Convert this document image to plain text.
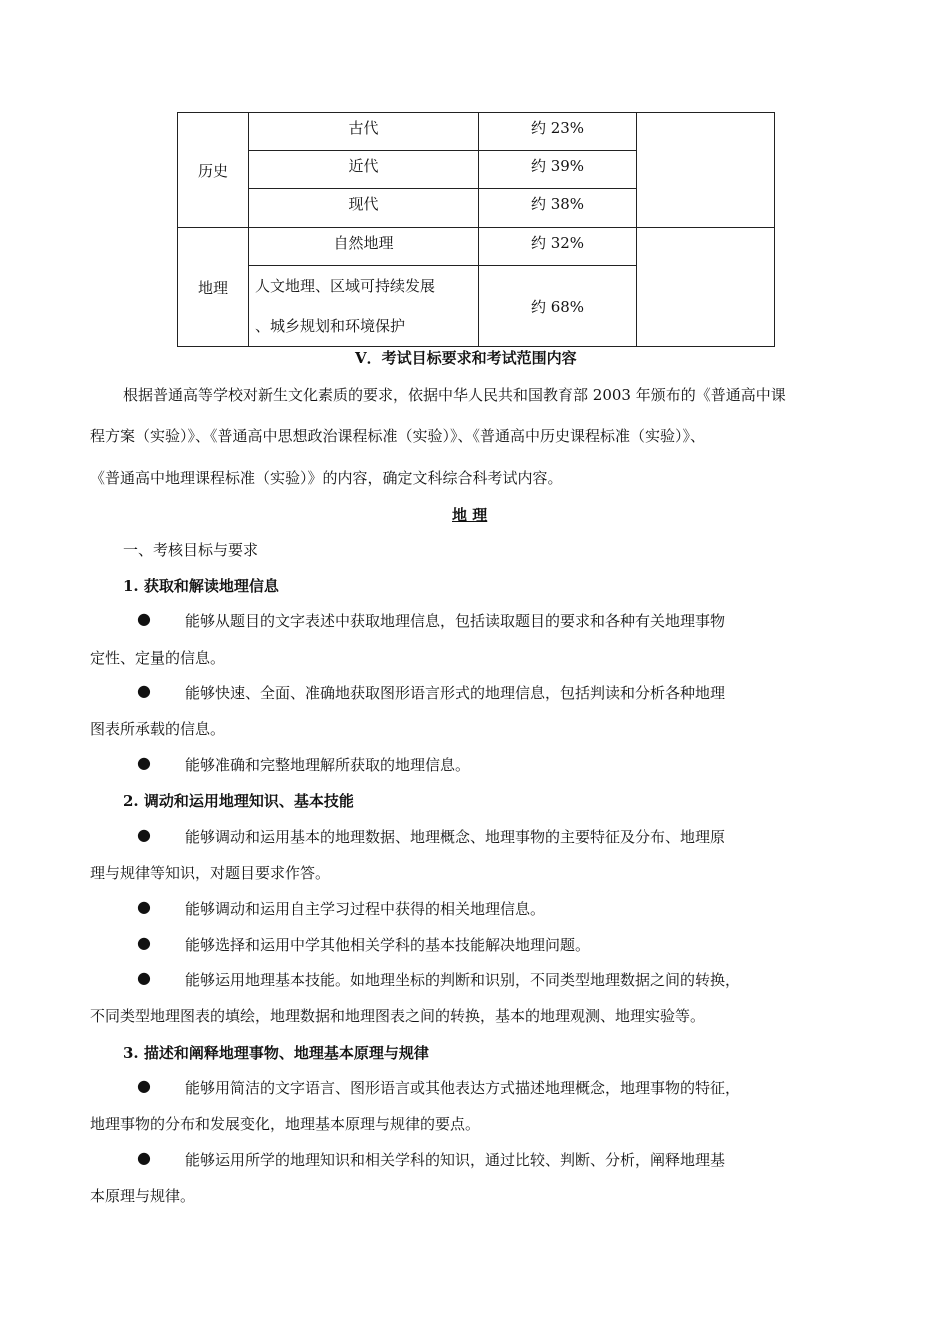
历史	古代	约 23%	
	近代	约 39%	
	现代	约 38%	
地理	自然地理	约 32%	

	人文地理、区域可持续发展
、城乡规划和环境保护	约 68%	
V．考试目标要求和考试范围内容
根据普通高等学校对新生文化素质的要求，依据中华人民共和国教育部 2003 年颁布的《普通高中课
程方案（实验）》、《普通高中思想政治课程标准（实验）》、《普通高中历史课程标准（实验）》、
《普通高中地理课程标准（实验）》的内容，确定文科综合科考试内容。
地 理
一、考核目标与要求
1. 获取和解读地理信息
● 能够从题目的文字表述中获取地理信息，包括读取题目的要求和各种有关地理事物
定性、定量的信息。
● 能够快速、全面、准确地获取图形语言形式的地理信息，包括判读和分析各种地理
图表所承载的信息。
● 能够准确和完整地理解所获取的地理信息。
2. 调动和运用地理知识、基本技能
● 能够调动和运用基本的地理数据、地理概念、地理事物的主要特征及分布、地理原
理与规律等知识，对题目要求作答。
● 能够调动和运用自主学习过程中获得的相关地理信息。
● 能够选择和运用中学其他相关学科的基本技能解决地理问题。
● 能够运用地理基本技能。如地理坐标的判断和识别，不同类型地理数据之间的转换，
不同类型地理图表的填绘，地理数据和地理图表之间的转换，基本的地理观测、地理实验等。
3. 描述和阐释地理事物、地理基本原理与规律
● 能够用简洁的文字语言、图形语言或其他表达方式描述地理概念，地理事物的特征，
地理事物的分布和发展变化，地理基本原理与规律的要点。
● 能够运用所学的地理知识和相关学科的知识，通过比较、判断、分析，阐释地理基
本原理与规律。
